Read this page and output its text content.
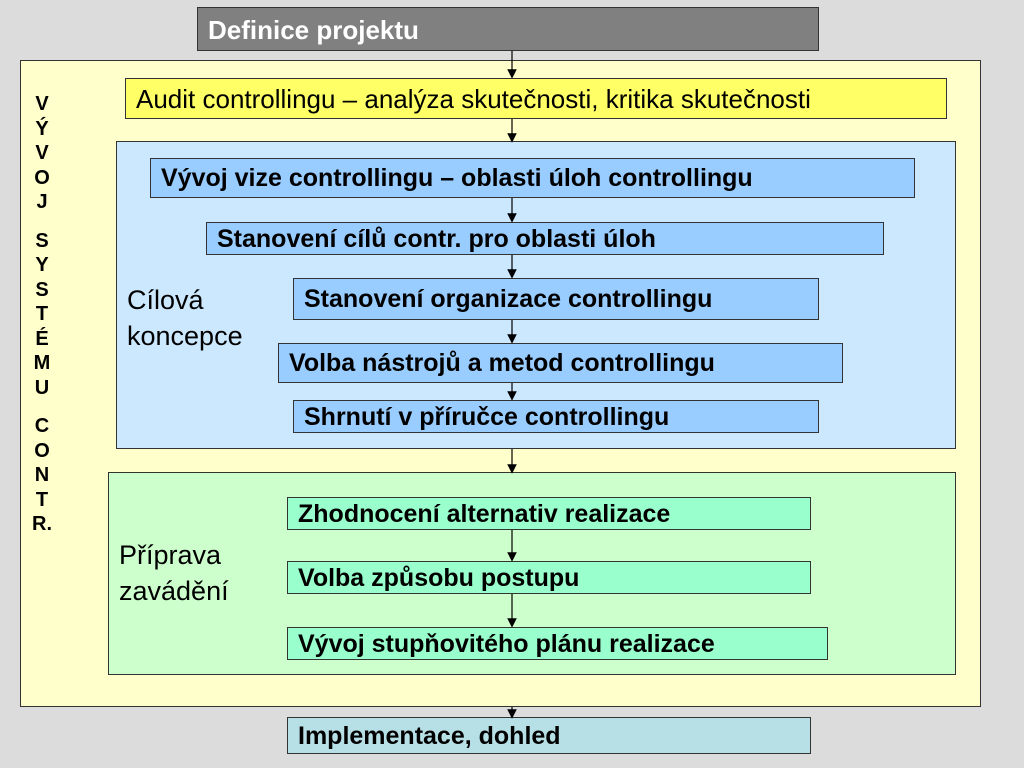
V
Ý
V
O
J
S
Y
S
T
É
M
U
C
O
N
T
R.
Cílová
koncepce
Příprava
zavádění
Definice projektu
Audit controllingu – analýza skutečnosti, kritika skutečnosti
Vývoj vize controllingu – oblasti úloh controllingu
Stanovení cílů contr. pro oblasti úloh
Stanovení organizace controllingu
Volba nástrojů a metod controllingu
Shrnutí v příručce controllingu
Zhodnocení alternativ realizace
Volba způsobu postupu
Vývoj stupňovitého plánu realizace
Implementace, dohled
